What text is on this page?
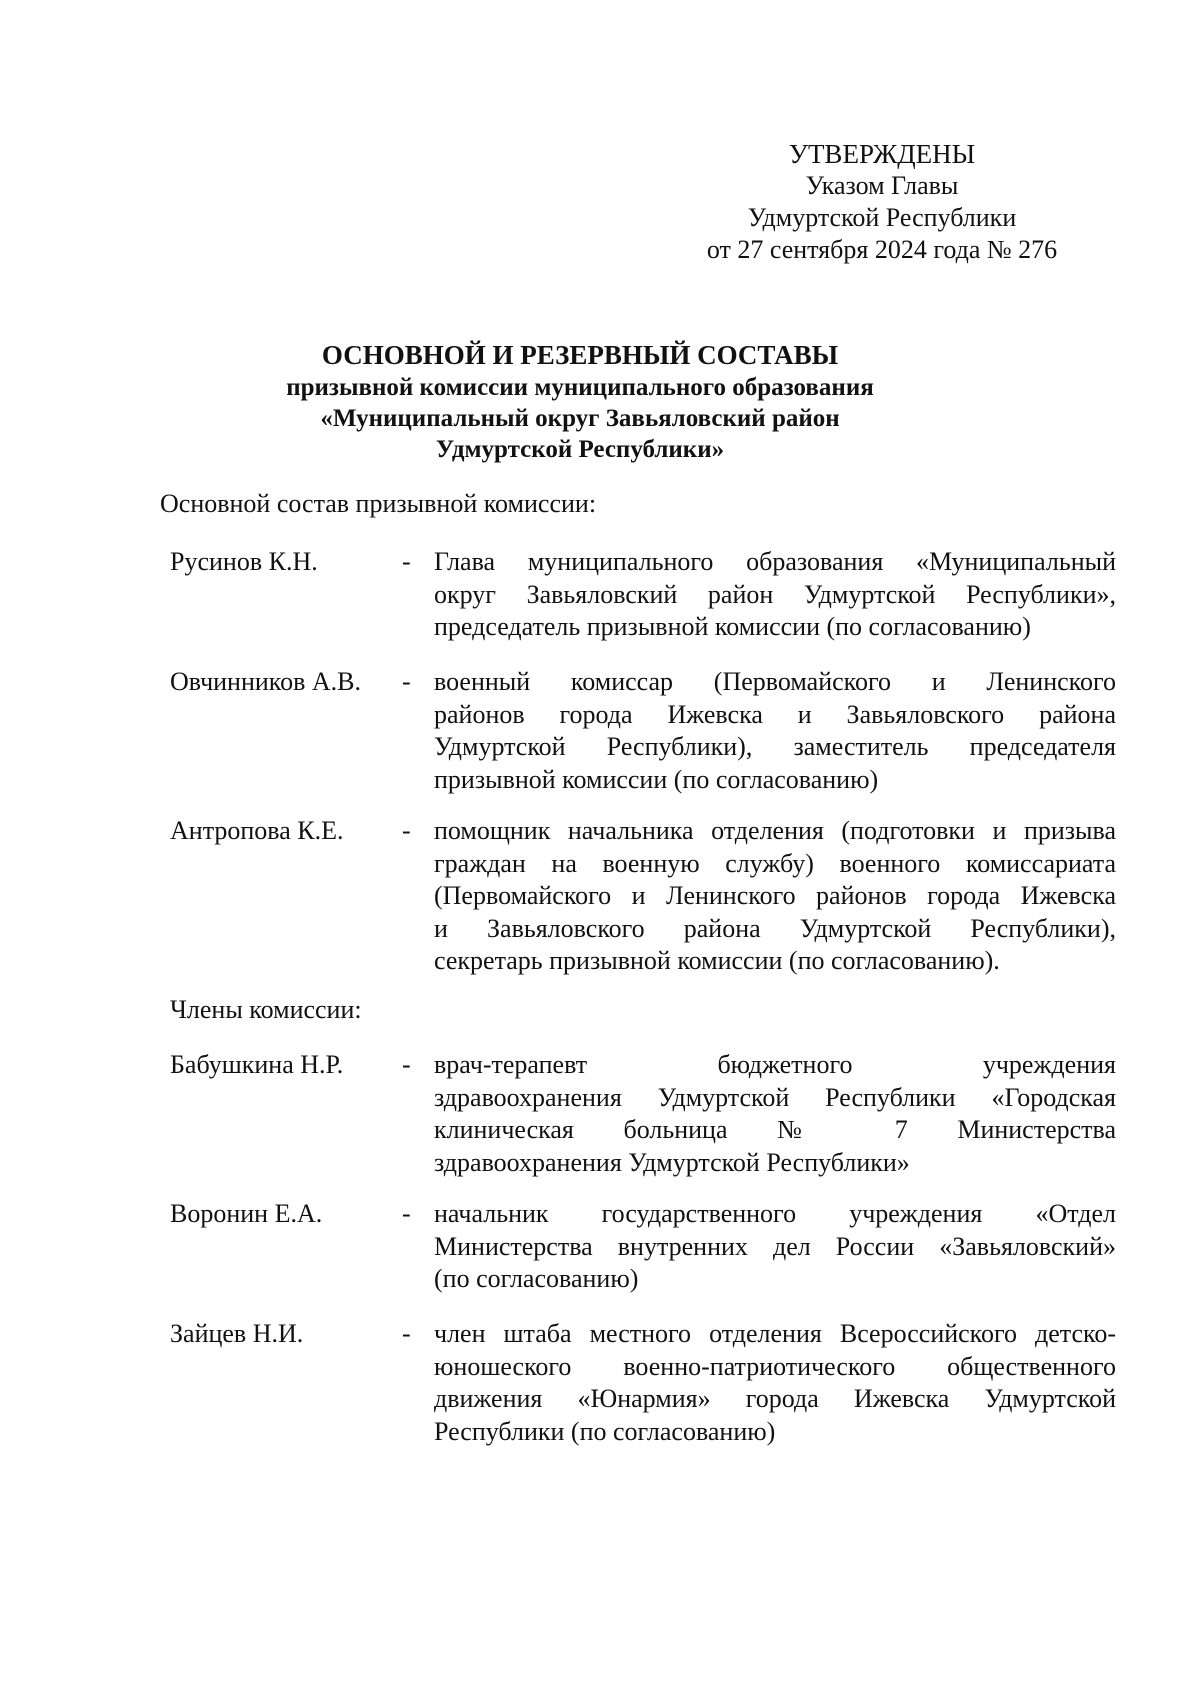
УТВЕРЖДЕНЫ
Указом Главы
Удмуртской Республики
от 27 сентября 2024 года № 276
ОСНОВНОЙ И РЕЗЕРВНЫЙ СОСТАВЫ
призывной комиссии муниципального образования
«Муниципальный округ Завьяловский район
Удмуртской Республики»
Основной состав призывной комиссии:
Русинов К.Н.	- Глава муниципального образования «Муниципальный
округ Завьяловский район Удмуртской Республики»,
председатель призывной комиссии (по согласованию)
Овчинников А.В.	- военный комиссар (Первомайского и Ленинского
районов города Ижевска и Завьяловского района
Удмуртской Республики), заместитель председателя
призывной комиссии (по согласованию)
Антропова К.Е.	- помощник начальника отделения (подготовки и призыва
граждан на военную службу) военного комиссариата
(Первомайского и Ленинского районов города Ижевска
и Завьяловского района Удмуртской Республики),
секретарь призывной комиссии (по согласованию).
Члены комиссии:
Бабушкина Н.Р.	- врач-терапевт бюджетного учреждения
здравоохранения Удмуртской Республики «Городская
клиническая больница № 7 Министерства
здравоохранения Удмуртской Республики»
Воронин Е.А.	- начальник государственного учреждения «Отдел
Министерства внутренних дел России «Завьяловский»
(по согласованию)
Зайцев Н.И.	- член штаба местного отделения Всероссийского детско-
юношеского военно-патриотического общественного
движения «Юнармия» города Ижевска Удмуртской
Республики (по согласованию)
